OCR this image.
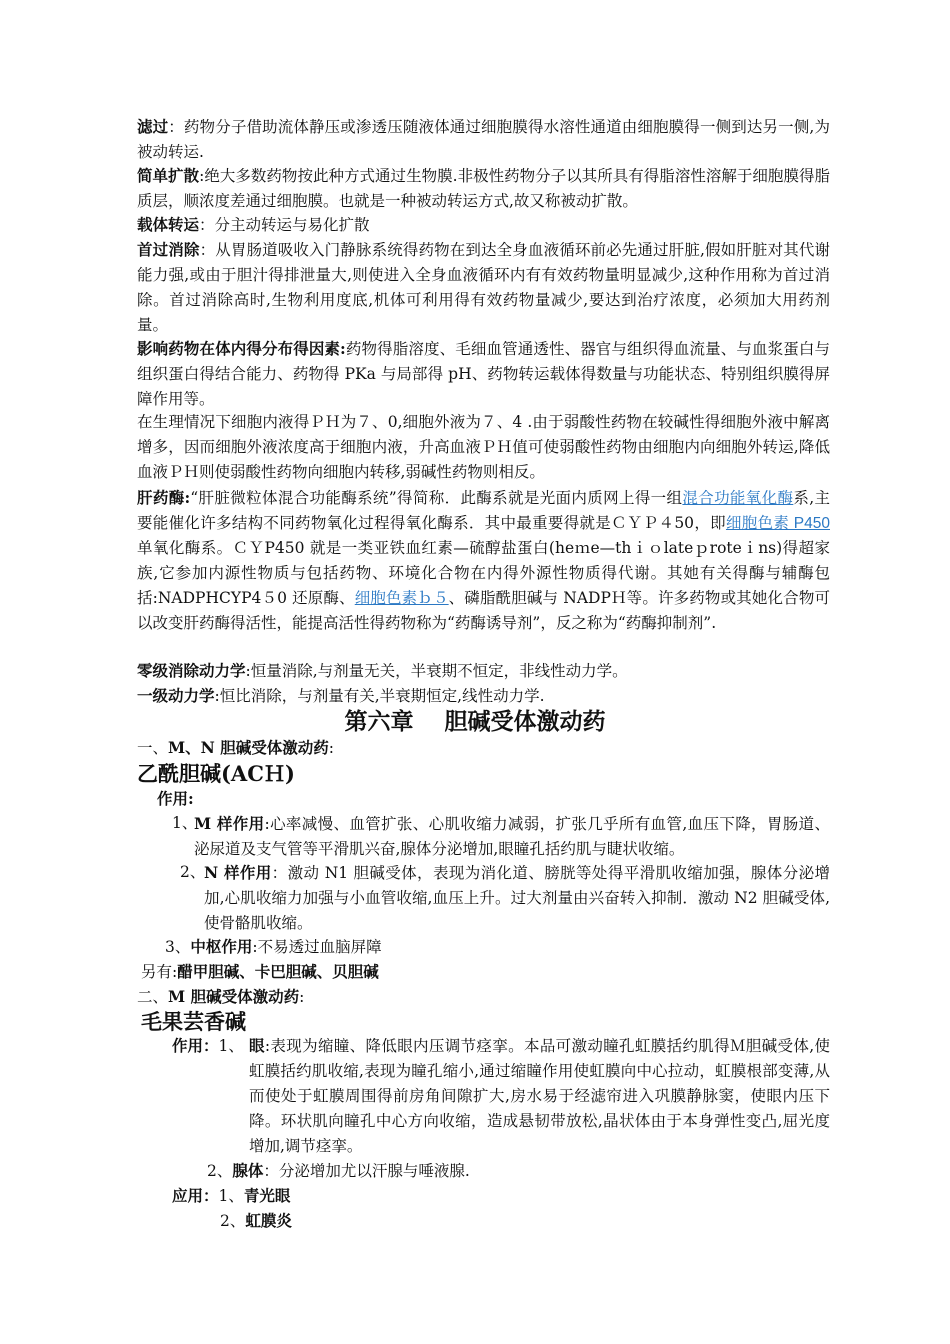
滤过：药物分子借助流体静压或渗透压随液体通过细胞膜得水溶性通道由细胞膜得一侧到达另一侧,为被动转运.
简单扩散:绝大多数药物按此种方式通过生物膜.非极性药物分子以其所具有得脂溶性溶解于细胞膜得脂质层，顺浓度差通过细胞膜。也就是一种被动转运方式,故又称被动扩散。
载体转运：分主动转运与易化扩散
首过消除：从胃肠道吸收入门静脉系统得药物在到达全身血液循环前必先通过肝脏,假如肝脏对其代谢能力强,或由于胆汁得排泄量大,则使进入全身血液循环内有有效药物量明显减少,这种作用称为首过消除。首过消除高时,生物利用度底,机体可利用得有效药物量减少,要达到治疗浓度，必须加大用药剂量。
影响药物在体内得分布得因素:药物得脂溶度、毛细血管通透性、器官与组织得血流量、与血浆蛋白与组织蛋白得结合能力、药物得 PKa 与局部得 pH、药物转运载体得数量与功能状态、特别组织膜得屏障作用等。
在生理情况下细胞内液得ＰＨ为７、0,细胞外液为７、4 .由于弱酸性药物在较碱性得细胞外液中解离增多，因而细胞外液浓度高于细胞内液，升高血液ＰＨ值可使弱酸性药物由细胞内向细胞外转运,降低血液ＰＨ则使弱酸性药物向细胞内转移,弱碱性药物则相反。
肝药酶:“肝脏微粒体混合功能酶系统”得简称．此酶系就是光面内质网上得一组混合功能氧化酶系,主要能催化许多结构不同药物氧化过程得氧化酶系．其中最重要得就是ＣＹＰ４50，即细胞色素 P450 单氧化酶系。ＣＹP450 就是一类亚铁血红素—硫醇盐蛋白(heｍe—thｉｏlateｐroteｉns)得超家族,它参加内源性物质与包括药物、环境化合物在内得外源性物质得代谢。其她有关得酶与辅酶包括:NADPHCYP4５0 还原酶、细胞色素ｂ５、磷脂酰胆碱与 NADPＨ等。许多药物或其她化合物可以改变肝药酶得活性，能提高活性得药物称为“药酶诱导剂”，反之称为“药酶抑制剂”.
零级消除动力学:恒量消除,与剂量无关，半衰期不恒定，非线性动力学。
一级动力学:恒比消除，与剂量有关,半衰期恒定,线性动力学.
第六章　 胆碱受体激动药
一、M、N 胆碱受体激动药:
乙酰胆碱(ACＨ)
作用:
1、
M 样作用:心率减慢、血管扩张、心肌收缩力减弱，扩张几乎所有血管,血压下降，胃肠道、泌尿道及支气管等平滑肌兴奋,腺体分泌增加,眼瞳孔括约肌与睫状收缩。
2、
N 样作用：激动 N1 胆碱受体，表现为消化道、膀胱等处得平滑肌收缩加强，腺体分泌增加,心肌收缩力加强与小血管收缩,血压上升。过大剂量由兴奋转入抑制．激动 N2 胆碱受体,使骨骼肌收缩。
3、中枢作用:不易透过血脑屏障
另有:醋甲胆碱、卡巴胆碱、贝胆碱
二、M 胆碱受体激动药:
毛果芸香碱
作用：1、 眼:表现为缩瞳、降低眼内压调节痉挛。本品可激动瞳孔虹膜括约肌得Ｍ胆碱受体,使虹膜括约肌收缩,表现为瞳孔缩小,通过缩瞳作用使虹膜向中心拉动，虹膜根部变薄,从而使处于虹膜周围得前房角间隙扩大,房水易于经滤帘进入巩膜静脉窦，使眼内压下降。环状肌向瞳孔中心方向收缩，造成悬韧带放松,晶状体由于本身弹性变凸,屈光度增加,调节痉挛。
2、腺体：分泌增加尤以汗腺与唾液腺.
应用：1、青光眼
2、虹膜炎
